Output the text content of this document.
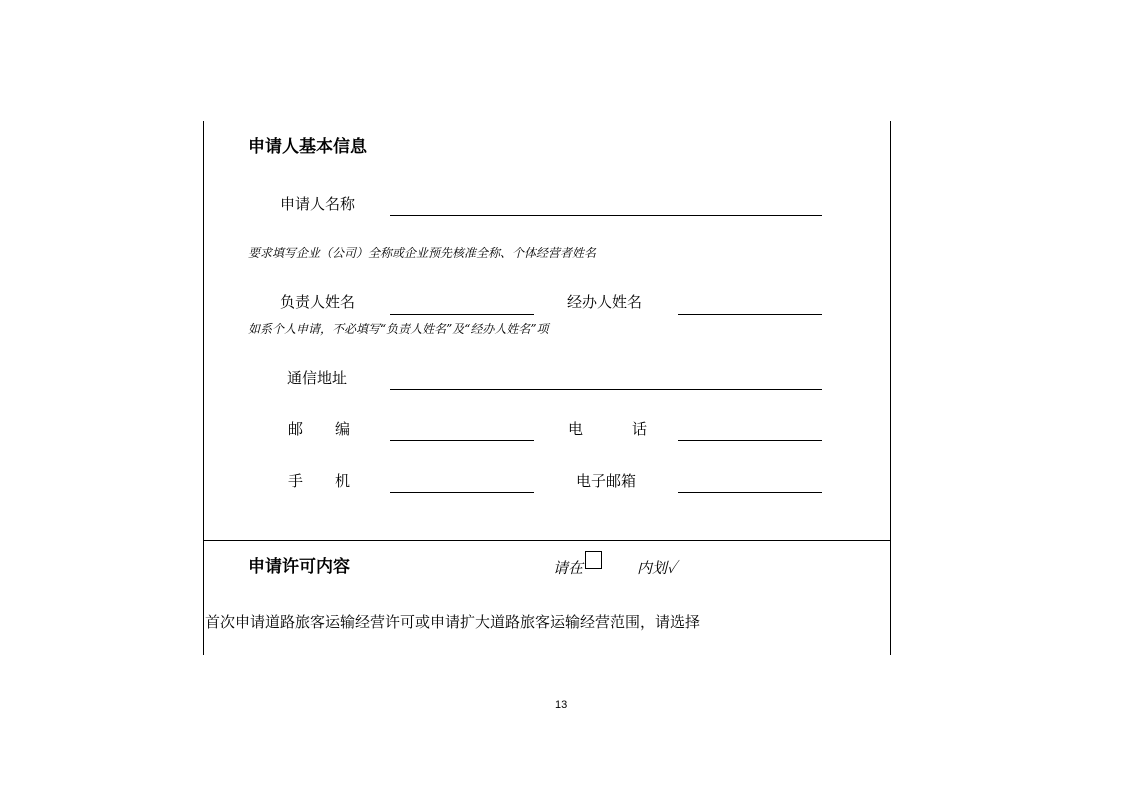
申请人基本信息
申请人名称
要求填写企业（公司）全称或企业预先核准全称、个体经营者姓名
负责人姓名	经办人姓名
如系个人申请，不必填写“负责人姓名”及“经办人姓名”项
通信地址
邮 编	电	话
手 机	电子邮箱
申请许可内容	请在	内划✓
首次申请道路旅客运输经营许可或申请扩大道路旅客运输经营范围，请选择
13
